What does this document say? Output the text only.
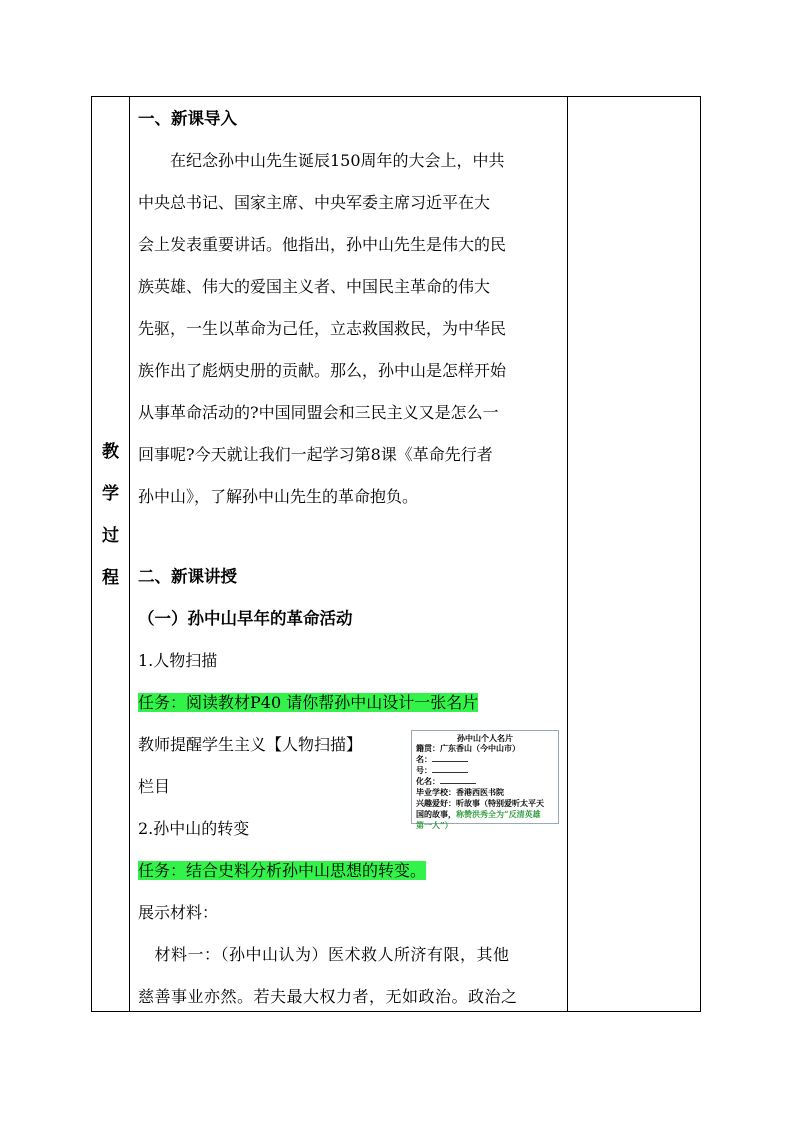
教
学
过
程
一、新课导入
　　在纪念孙中山先生诞辰150周年的大会上，中共
中央总书记、国家主席、中央军委主席习近平在大
会上发表重要讲话。他指出，孙中山先生是伟大的民
族英雄、伟大的爱国主义者、中国民主革命的伟大
先驱，一生以革命为己任，立志救国救民，为中华民
族作出了彪炳史册的贡献。那么，孙中山是怎样开始
从事革命活动的?中国同盟会和三民主义又是怎么一
回事呢?今天就让我们一起学习第8课《革命先行者
孙中山》，了解孙中山先生的革命抱负。
二、新课讲授
（一）孙中山早年的革命活动
1.人物扫描
任务：阅读教材P40 请你帮孙中山设计一张名片
教师提醒学生主义【人物扫描】
栏目
2.孙中山的转变
任务：结合史料分析孙中山思想的转变。
展示材料：
　材料一：（孙中山认为）医术救人所济有限，其他
慈善事业亦然。若夫最大权力者，无如政治。政治之
孙中山个人名片
籍贯：广东香山（今中山市）
名：
号：
化名：
毕业学校：香港西医书院
兴趣爱好：听故事（特别爱听太平天
国的故事，称赞洪秀全为“反清英雄
第一人”）
